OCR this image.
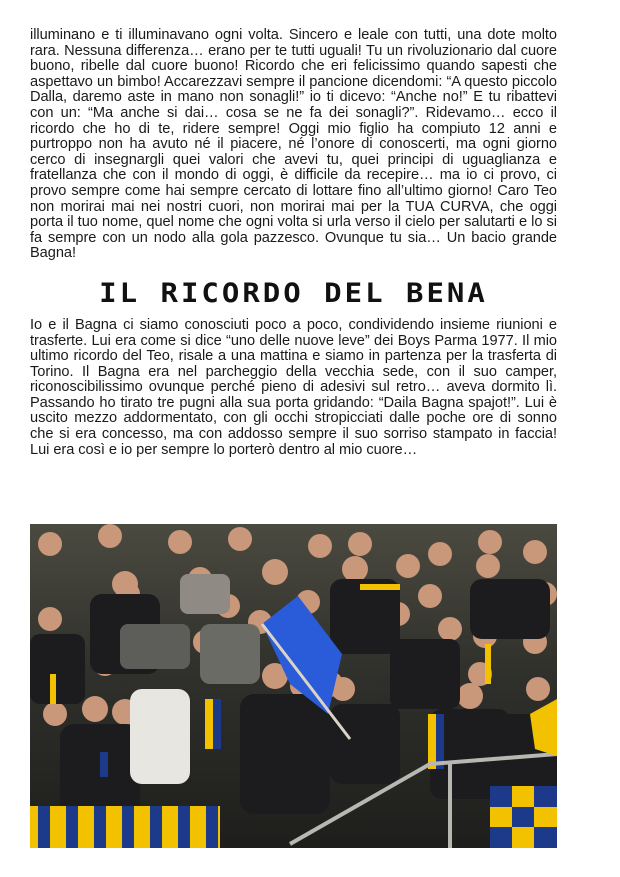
illuminano e ti illuminavano ogni volta. Sincero e leale con tutti, una dote molto rara. Nessuna differenza… erano per te tutti uguali! Tu un rivoluzionario dal cuore buono, ribelle dal cuore buono! Ricordo che eri felicissimo quando sapesti che aspettavo un bimbo! Accarezzavi sempre il pancione dicendomi: “A questo piccolo Dalla, daremo aste in mano non sonagli!” io ti dicevo: “Anche no!” E tu ribattevi con un: “Ma anche si dai… cosa se ne fa dei sonagli?”. Ridevamo… ecco il ricordo che ho di te, ridere sempre! Oggi mio figlio ha compiuto 12 anni e purtroppo non ha avuto né il piacere, né l’onore di conoscerti, ma ogni giorno cerco di insegnargli quei valori che avevi tu, quei principi di uguaglianza e fratellanza che con il mondo di oggi, è difficile da recepire… ma io ci provo, ci provo sempre come hai sempre cercato di lottare fino all’ultimo giorno! Caro Teo non morirai mai nei nostri cuori, non morirai mai per la TUA CURVA, che oggi porta il tuo nome, quel nome che ogni volta si urla verso il cielo per salutarti e lo si fa sempre con un nodo alla gola pazzesco. Ovunque tu sia… Un bacio grande Bagna!

IL RICORDO DEL BENA

Io e il Bagna ci siamo conosciuti poco a poco, condividendo insieme riunioni e trasferte. Lui era come si dice “uno delle nuove leve” dei Boys Parma 1977. Il mio ultimo ricordo del Teo, risale a una mattina e siamo in partenza per la trasferta di Torino. Il Bagna era nel parcheggio della vecchia sede, con il suo camper, riconoscibilissimo ovunque perché pieno di adesivi sul retro… aveva dormito lì. Passando ho tirato tre pugni alla sua porta gridando: “Daila Bagna spajot!”. Lui è uscito mezzo addormentato, con gli occhi stropicciati dalle poche ore di sonno che si era concesso, ma con addosso sempre il suo sorriso stampato in faccia! Lui era così e io per sempre lo porterò dentro al mio cuore…
